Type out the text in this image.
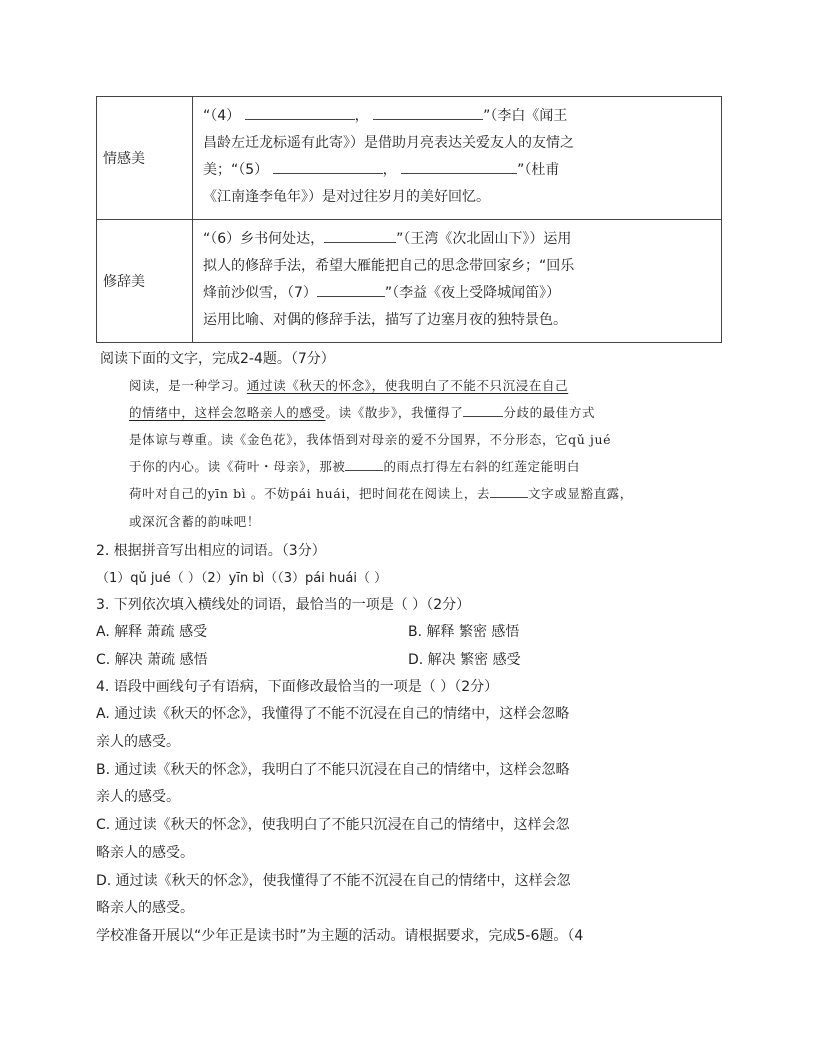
情感美	“（4） ， ”（李白《闻王
昌龄左迁龙标遥有此寄》）是借助月亮表达关爱友人的友情之
美；“（5） ， ”（杜甫
《江南逢李龟年》）是对过往岁月的美好回忆。

修辞美	“（6）乡书何处达， ”（王湾《次北固山下》）运用
拟人的修辞手法，希望大雁能把自己的思念带回家乡；“回乐
烽前沙似雪，（7） ”（李益《夜上受降城闻笛》）
运用比喻、对偶的修辞手法，描写了边塞月夜的独特景色。
阅读下面的文字，完成2-4题。（7分）
阅读，是一种学习。通过读《秋天的怀念》，使我明白了不能不只沉浸在自己
的情绪中，这样会忽略亲人的感受。读《散步》，我懂得了	分歧的最佳方式
是体谅与尊重。读《金色花》，我体悟到对母亲的爱不分国界，不分形态，它qǔ jué
于你的内心。读《荷叶・母亲》，那被	的雨点打得左右斜的红莲定能明白
荷叶对自己的yīn bì 。不妨pái huái，把时间花在阅读上，去	文字或显豁直露，
或深沉含蓄的韵味吧！
2. 根据拼音写出相应的词语。（3分）
（1）qǔ jué（ ）（2）yīn bì（（3）pái huái（ ）
3. 下列依次填入横线处的词语，最恰当的一项是（ ）（2分）
A. 解释 萧疏 感受	B. 解释 繁密 感悟
C. 解决 萧疏 感悟	D. 解决 繁密 感受
4. 语段中画线句子有语病，下面修改最恰当的一项是（ ）（2分）
A. 通过读《秋天的怀念》，我懂得了不能不沉浸在自己的情绪中，这样会忽略
亲人的感受。
B. 通过读《秋天的怀念》，我明白了不能只沉浸在自己的情绪中，这样会忽略
亲人的感受。
C. 通过读《秋天的怀念》，使我明白了不能只沉浸在自己的情绪中，这样会忽
略亲人的感受。
D. 通过读《秋天的怀念》，使我懂得了不能不沉浸在自己的情绪中，这样会忽
略亲人的感受。
学校准备开展以“少年正是读书时”为主题的活动。请根据要求，完成5-6题。（4
